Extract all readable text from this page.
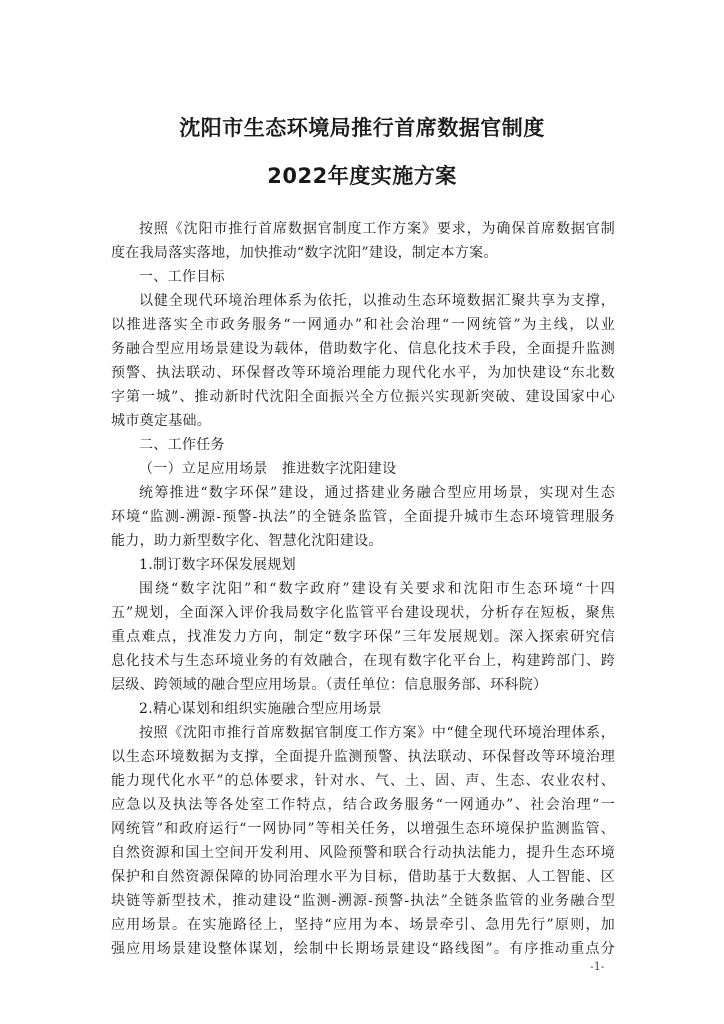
沈阳市生态环境局推行首席数据官制度
2022年度实施方案
按照《沈阳市推行首席数据官制度工作方案》要求，为确保首席数据官制
度在我局落实落地，加快推动“数字沈阳”建设，制定本方案。
一、工作目标
以健全现代环境治理体系为依托，以推动生态环境数据汇聚共享为支撑，
以推进落实全市政务服务“一网通办”和社会治理“一网统管”为主线，以业
务融合型应用场景建设为载体，借助数字化、信息化技术手段，全面提升监测
预警、执法联动、环保督改等环境治理能力现代化水平，为加快建设“东北数
字第一城”、推动新时代沈阳全面振兴全方位振兴实现新突破、建设国家中心
城市奠定基础。
二、工作任务
（一）立足应用场景　推进数字沈阳建设
统筹推进“数字环保”建设，通过搭建业务融合型应用场景，实现对生态
环境“监测-溯源-预警-执法”的全链条监管，全面提升城市生态环境管理服务
能力，助力新型数字化、智慧化沈阳建设。
1.制订数字环保发展规划
围绕“数字沈阳”和“数字政府”建设有关要求和沈阳市生态环境“十四
五”规划，全面深入评价我局数字化监管平台建设现状，分析存在短板，聚焦
重点难点，找准发力方向，制定“数字环保”三年发展规划。深入探索研究信
息化技术与生态环境业务的有效融合，在现有数字化平台上，构建跨部门、跨
层级、跨领域的融合型应用场景。（责任单位：信息服务部、环科院）
2.精心谋划和组织实施融合型应用场景
按照《沈阳市推行首席数据官制度工作方案》中“健全现代环境治理体系，
以生态环境数据为支撑，全面提升监测预警、执法联动、环保督改等环境治理
能力现代化水平”的总体要求，针对水、气、土、固、声、生态、农业农村、
应急以及执法等各处室工作特点，结合政务服务“一网通办”、社会治理“一
网统管”和政府运行“一网协同”等相关任务，以增强生态环境保护监测监管、
自然资源和国土空间开发利用、风险预警和联合行动执法能力，提升生态环境
保护和自然资源保障的协同治理水平为目标，借助基于大数据、人工智能、区
块链等新型技术，推动建设“监测-溯源-预警-执法”全链条监管的业务融合型
应用场景。在实施路径上，坚持“应用为本、场景牵引、急用先行”原则，加
强应用场景建设整体谋划，绘制中长期场景建设“路线图”。有序推动重点分
-1-
